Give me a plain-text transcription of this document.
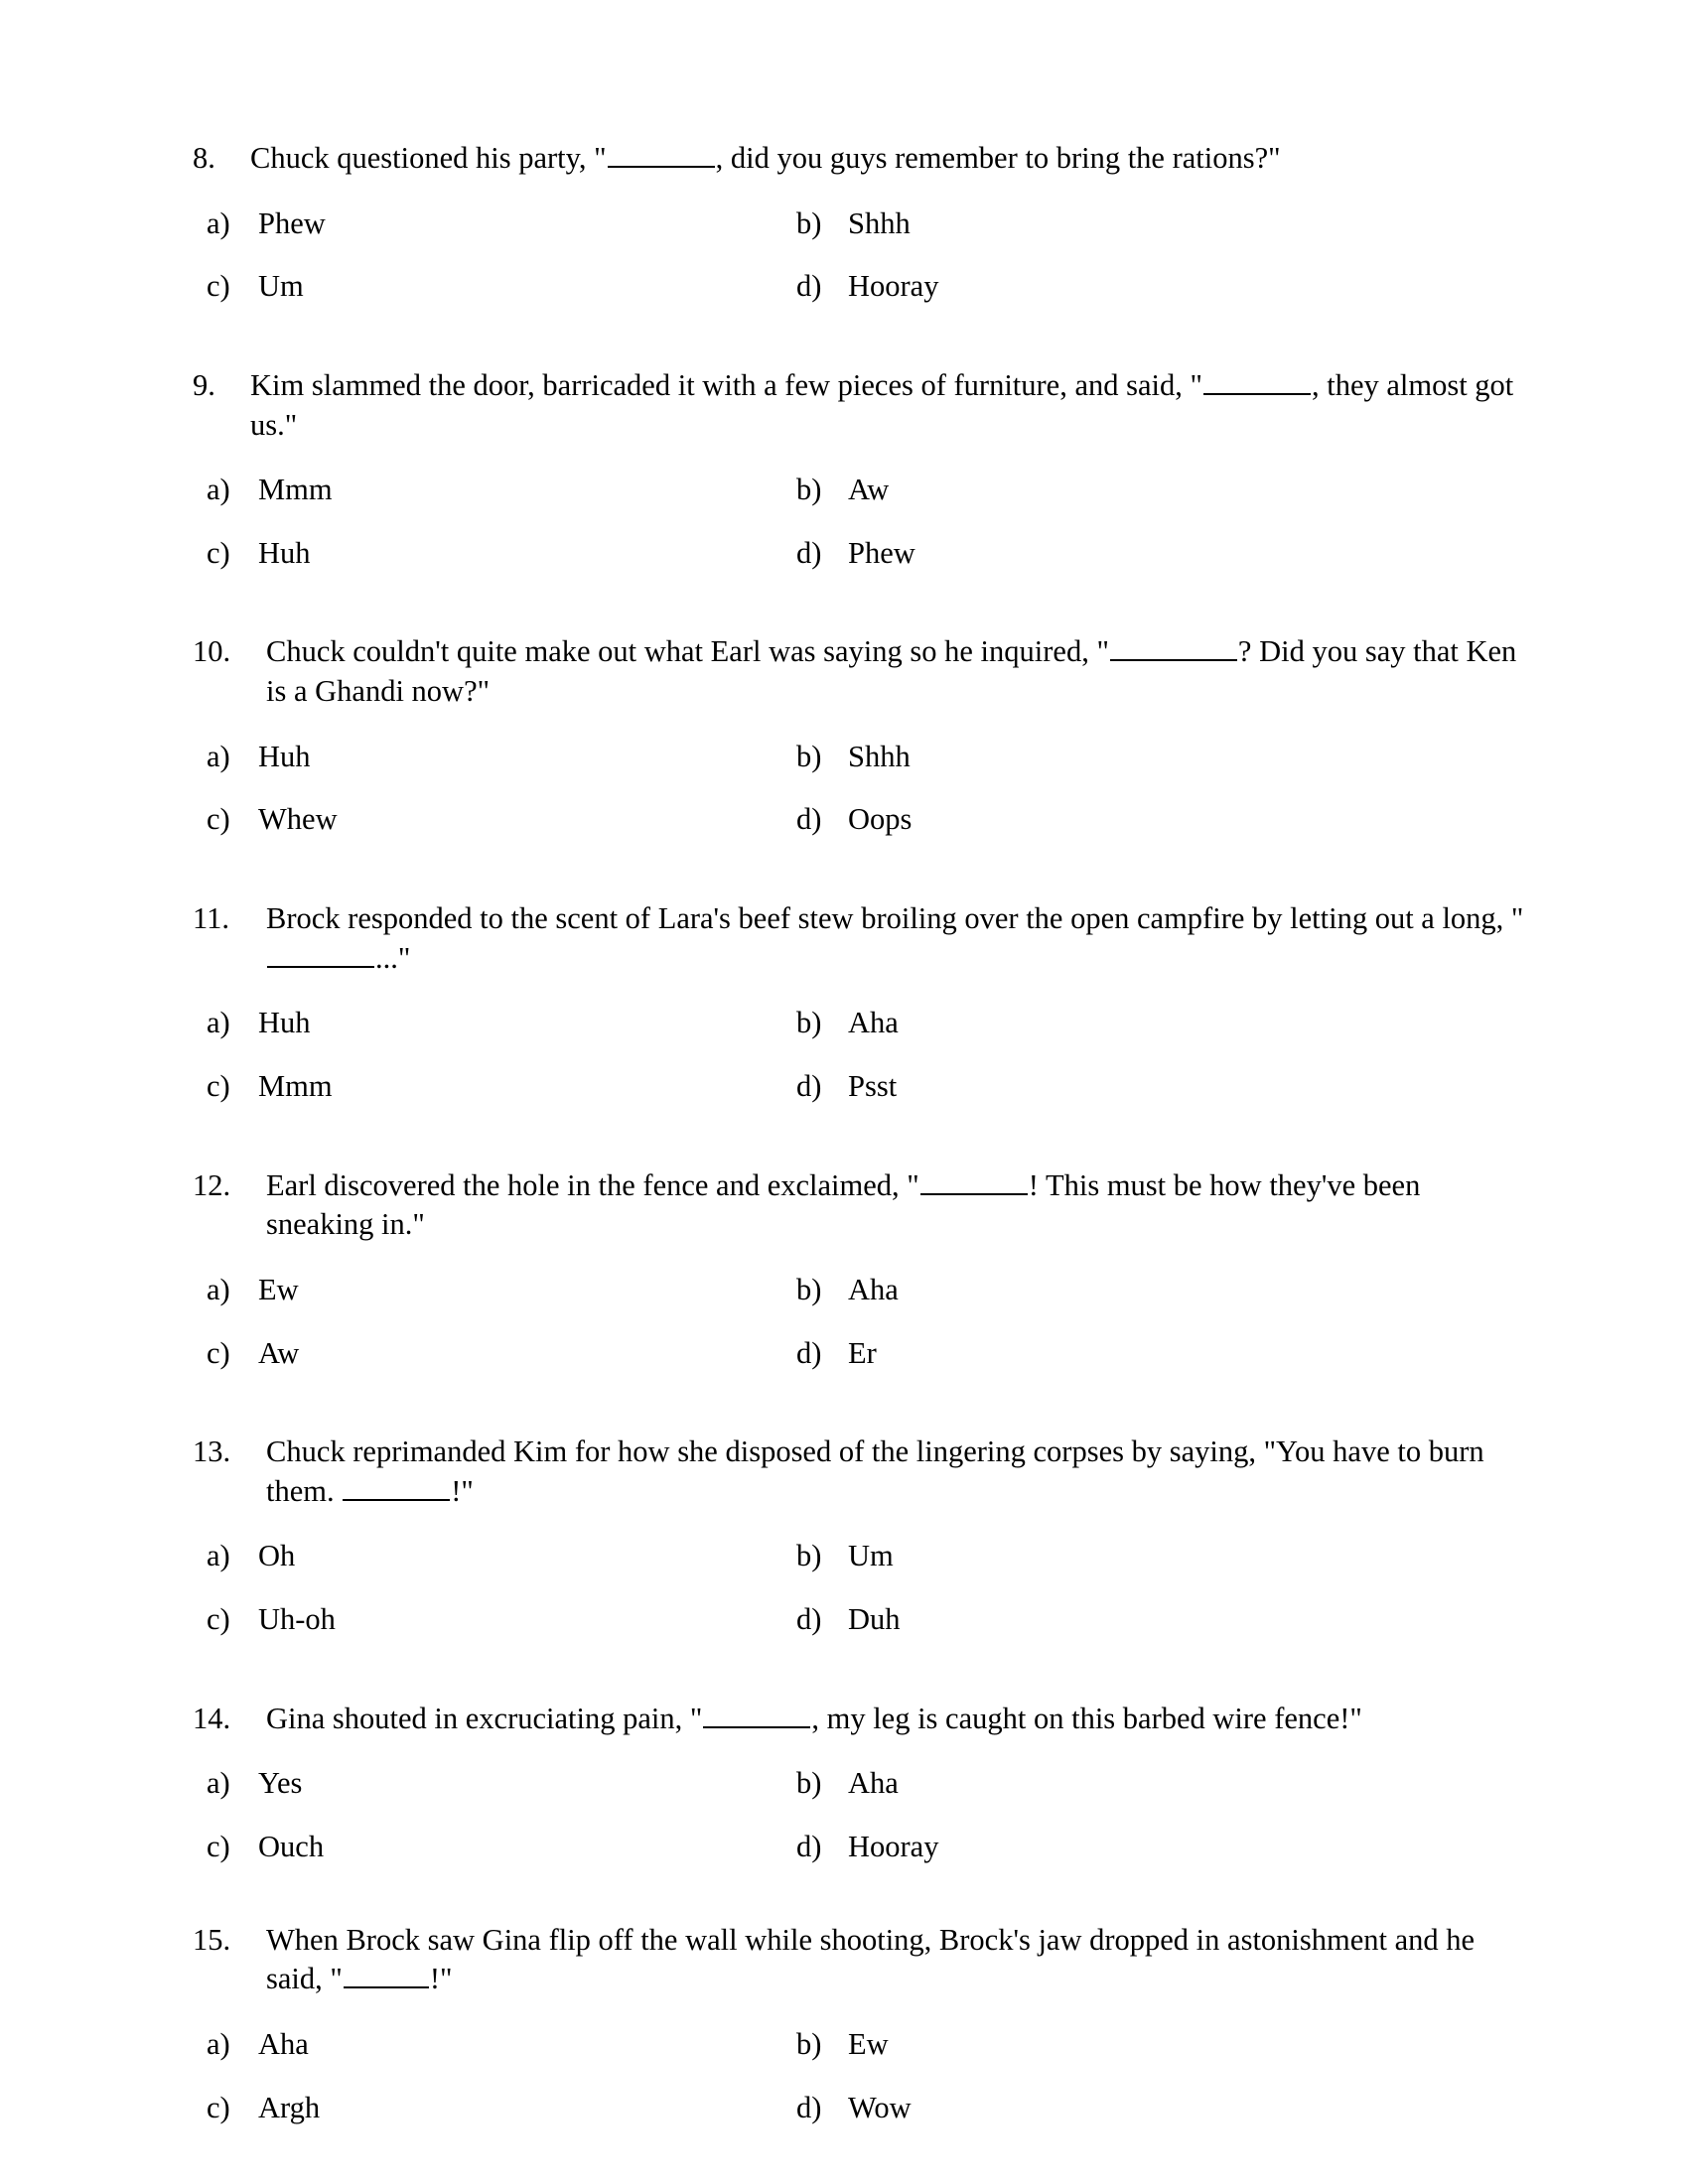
8.	Chuck questioned his party, "	, did you guys remember to bring the rations?"
a) Phew	b) Shhh
c) Um	d) Hooray
9.	Kim slammed the door, barricaded it with a few pieces of furniture, and said, "	, they almost got us."
a) Mmm	b) Aw
c) Huh	d) Phew
10.	Chuck couldn't quite make out what Earl was saying so he inquired, "	? Did you say that Ken is a Ghandi now?"
a) Huh	b) Shhh
c) Whew	d) Oops
11.	Brock responded to the scent of Lara's beef stew broiling over the open campfire by letting out a long, "..."
a) Huh	b) Aha
c) Mmm	d) Psst
12.	Earl discovered the hole in the fence and exclaimed, "	! This must be how they've been sneaking in."
a) Ew	b) Aha
c) Aw	d) Er
13.	Chuck reprimanded Kim for how she disposed of the lingering corpses by saying, "You have to burn them.	!"
a) Oh	b) Um
c) Uh-oh	d) Duh
14.	Gina shouted in excruciating pain, "	, my leg is caught on this barbed wire fence!"
a) Yes	b) Aha
c) Ouch	d) Hooray
15.	When Brock saw Gina flip off the wall while shooting, Brock's jaw dropped in astonishment and he said, "	!"
a) Aha	b) Ew
c) Argh	d) Wow
